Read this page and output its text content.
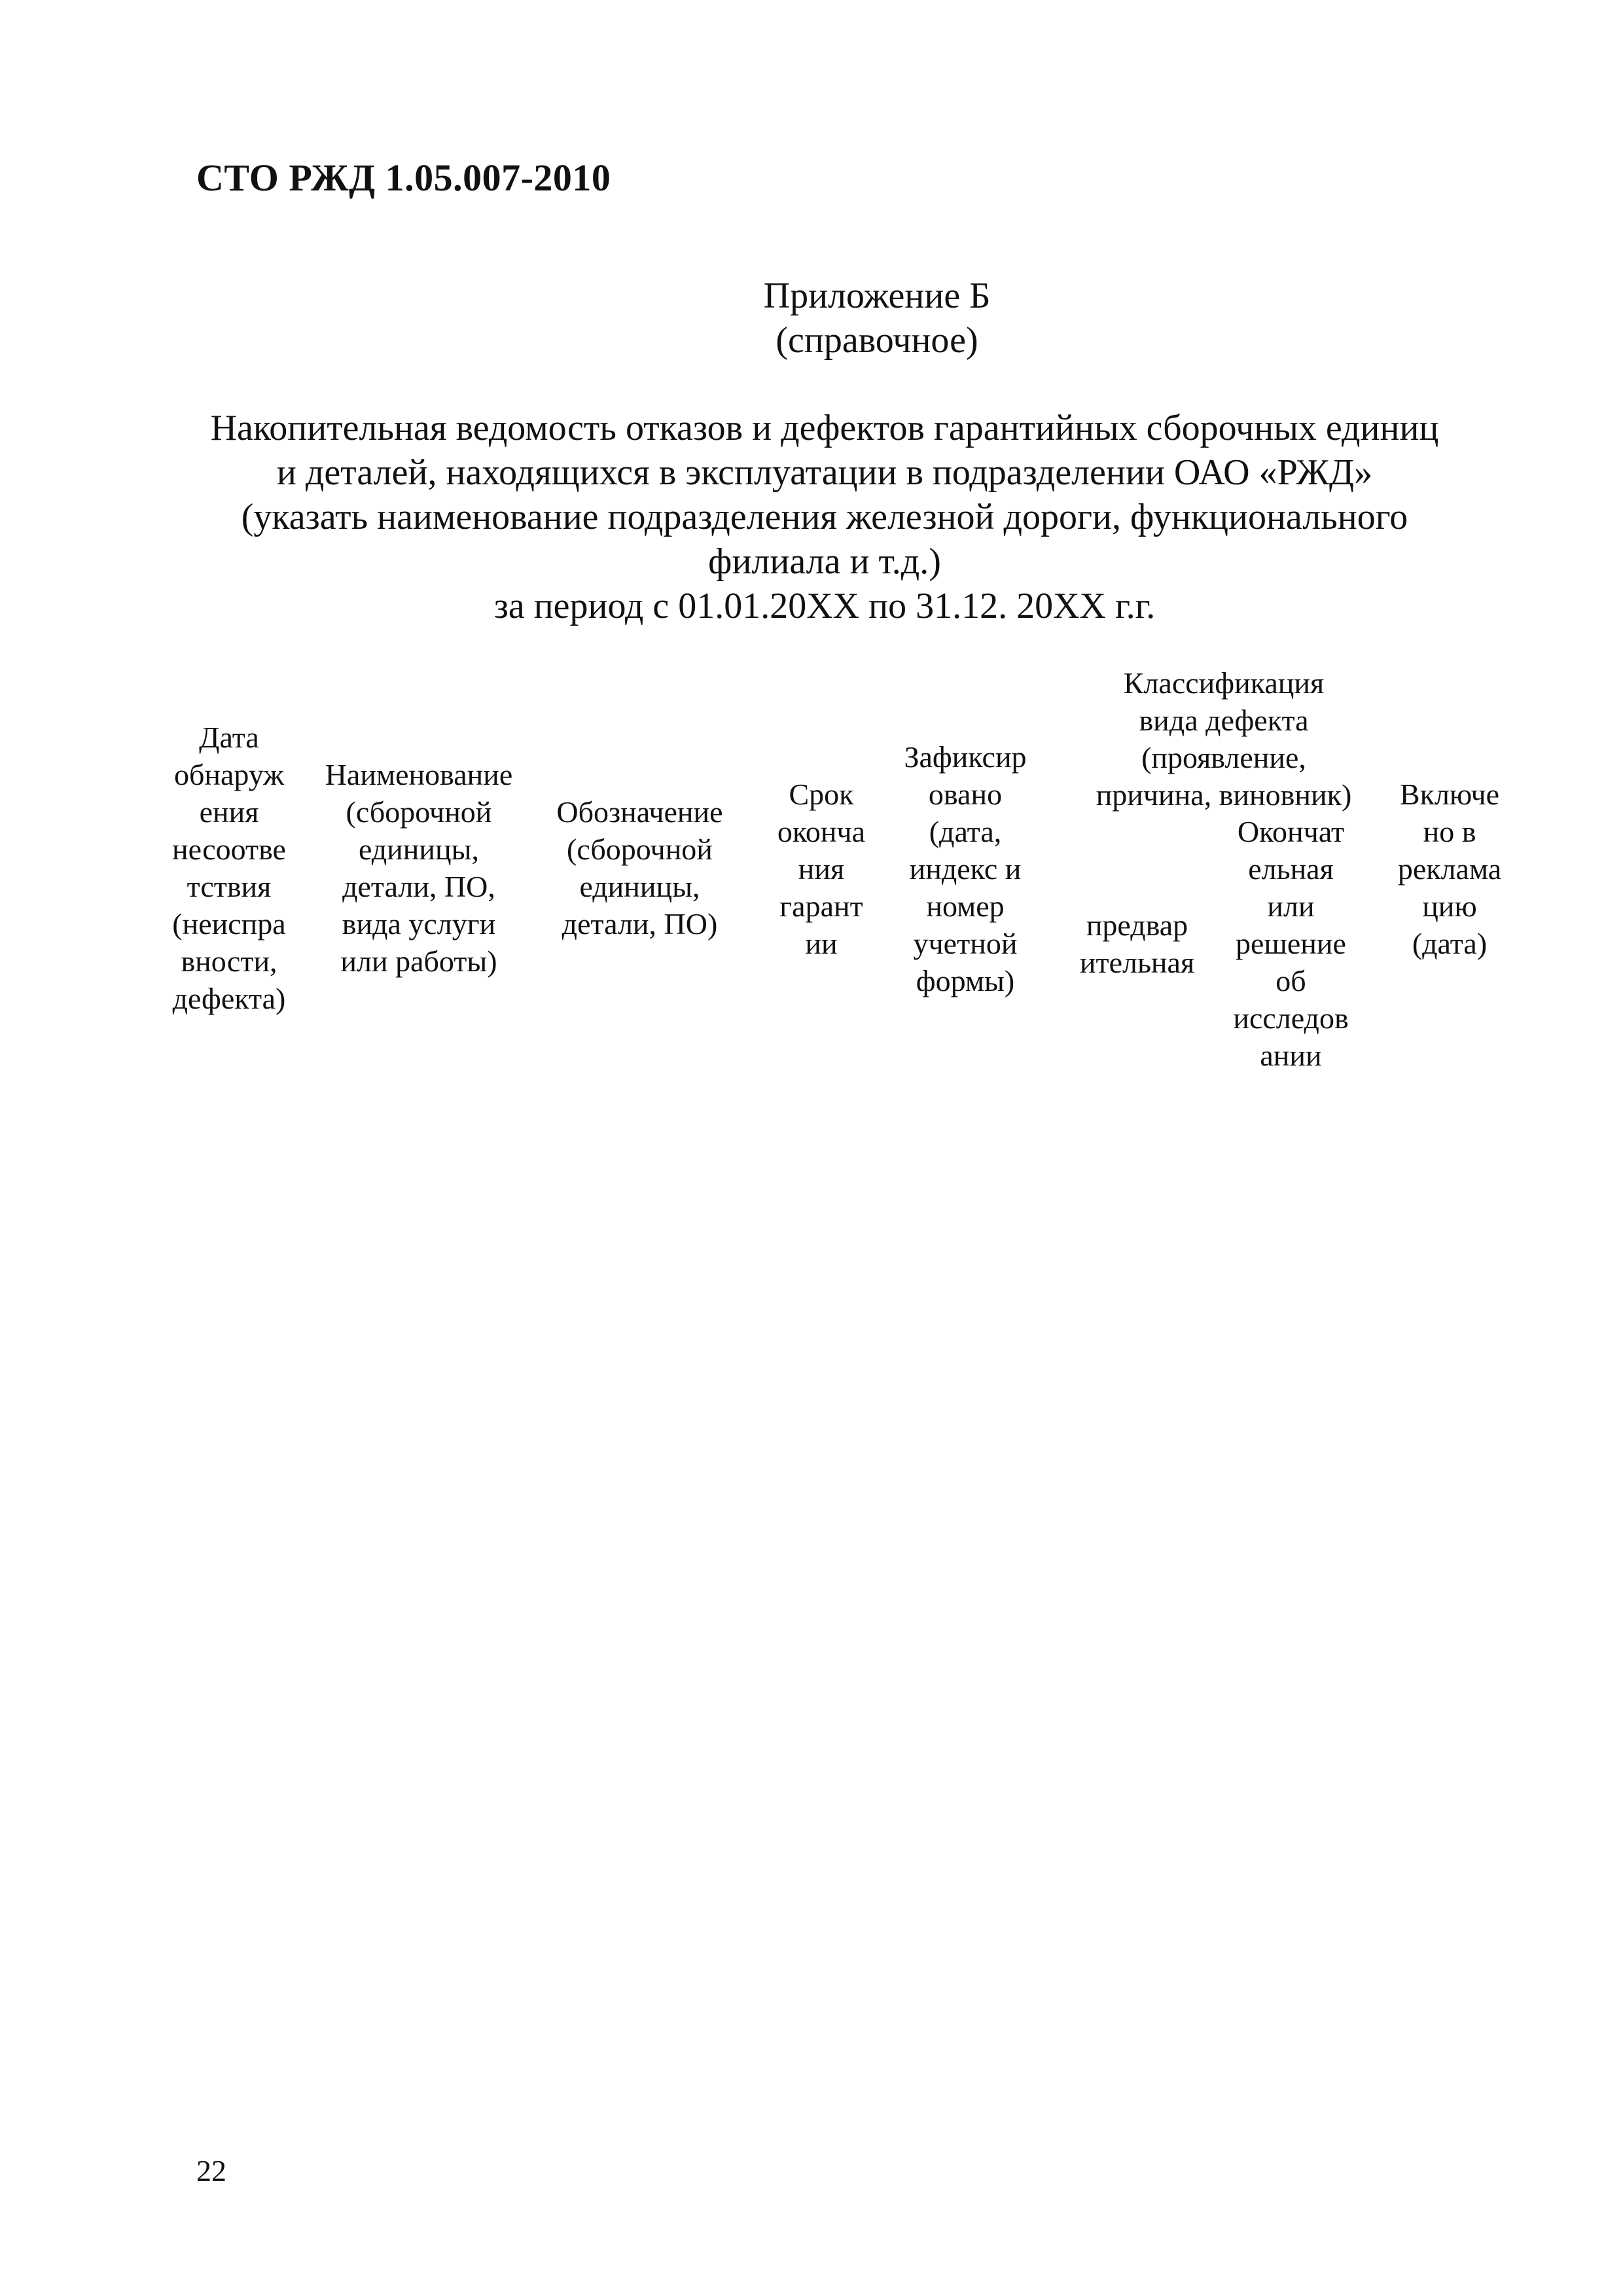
СТО РЖД 1.05.007-2010
Приложение Б
(справочное)
Накопительная ведомость отказов и дефектов гарантийных сборочных единиц
и деталей, находящихся в эксплуатации в подразделении ОАО «РЖД»
(указать наименование подразделения железной дороги, функционального
филиала и т.д.)
за период с 01.01.20XX по 31.12. 20XX г.г.
Дата
обнаруж
ения
несоотве
тствия
(неиспра
вности,
дефекта)
Наименование
(сборочной
единицы,
детали, ПО,
вида услуги
или работы)
Обозначение
(сборочной
единицы,
детали, ПО)
Срок
оконча
ния
гарант
ии
Зафиксир
овано
(дата,
индекс и
номер
учетной
формы)
Классификация
вида дефекта
(проявление,
причина, виновник)
предвар
ительная
Окончат
ельная
или
решение
об
исследов
ании
Включе
но в
реклама
цию
(дата)
22
